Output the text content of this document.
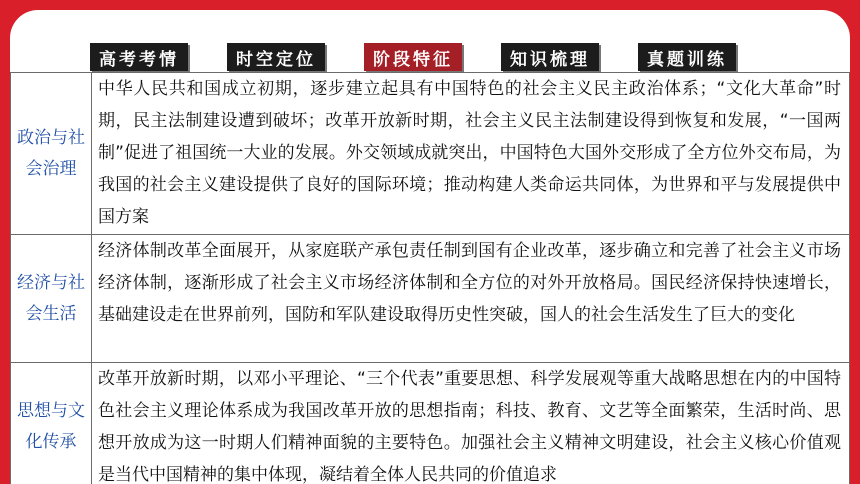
高考考情	时空定位	阶段特征	知识梳理	真题训练
政治与社会治理	中华人民共和国成立初期，逐步建立起具有中国特色的社会主义民主政治体系；“文化大革命”时期，民主法制建设遭到破坏；改革开放新时期，社会主义民主法制建设得到恢复和发展，“一国两制”促进了祖国统一大业的发展。外交领域成就突出，中国特色大国外交形成了全方位外交布局，为我国的社会主义建设提供了良好的国际环境；推动构建人类命运共同体，为世界和平与发展提供中国方案
经济与社会生活	经济体制改革全面展开，从家庭联产承包责任制到国有企业改革，逐步确立和完善了社会主义市场经济体制，逐渐形成了社会主义市场经济体制和全方位的对外开放格局。国民经济保持快速增长，基础建设走在世界前列，国防和军队建设取得历史性突破，国人的社会生活发生了巨大的变化
思想与文化传承	改革开放新时期，以邓小平理论、“三个代表”重要思想、科学发展观等重大战略思想在内的中国特色社会主义理论体系成为我国改革开放的思想指南；科技、教育、文艺等全面繁荣，生活时尚、思想开放成为这一时期人们精神面貌的主要特色。加强社会主义精神文明建设，社会主义核心价值观是当代中国精神的集中体现，凝结着全体人民共同的价值追求
